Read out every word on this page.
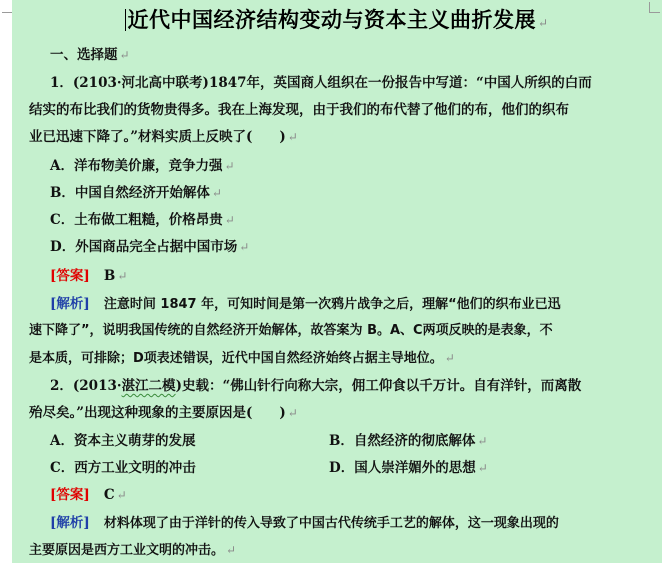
近代中国经济结构变动与资本主义曲折发展 ↵
一、选择题 ↵
1．(2103·河北高中联考)1847年，英国商人组织在一份报告中写道：“中国人所织的白而
结实的布比我们的货物贵得多。我在上海发现，由于我们的布代替了他们的布，他们的织布
业已迅速下降了。”材料实质上反映了(　　) ↵
A．洋布物美价廉，竞争力强 ↵
B．中国自然经济开始解体 ↵
C．土布做工粗糙，价格昂贵 ↵
D．外国商品完全占据中国市场 ↵
[答案] B ↵
[解析] 注意时间 1847 年，可知时间是第一次鸦片战争之后，理解“他们的织布业已迅
速下降了”，说明我国传统的自然经济开始解体，故答案为 B。A、C两项反映的是表象，不
是本质，可排除；D项表述错误，近代中国自然经济始终占据主导地位。 ↵
2．(2013·湛江二模)史载：“佛山针行向称大宗，佣工仰食以千万计。自有洋针，而离散
殆尽矣。”出现这种现象的主要原因是(　　) ↵
A．资本主义萌芽的发展	B．自然经济的彻底解体 ↵
C．西方工业文明的冲击	D．国人崇洋媚外的思想 ↵
[答案] C ↵
[解析] 材料体现了由于洋针的传入导致了中国古代传统手工艺的解体，这一现象出现的
主要原因是西方工业文明的冲击。 ↵
